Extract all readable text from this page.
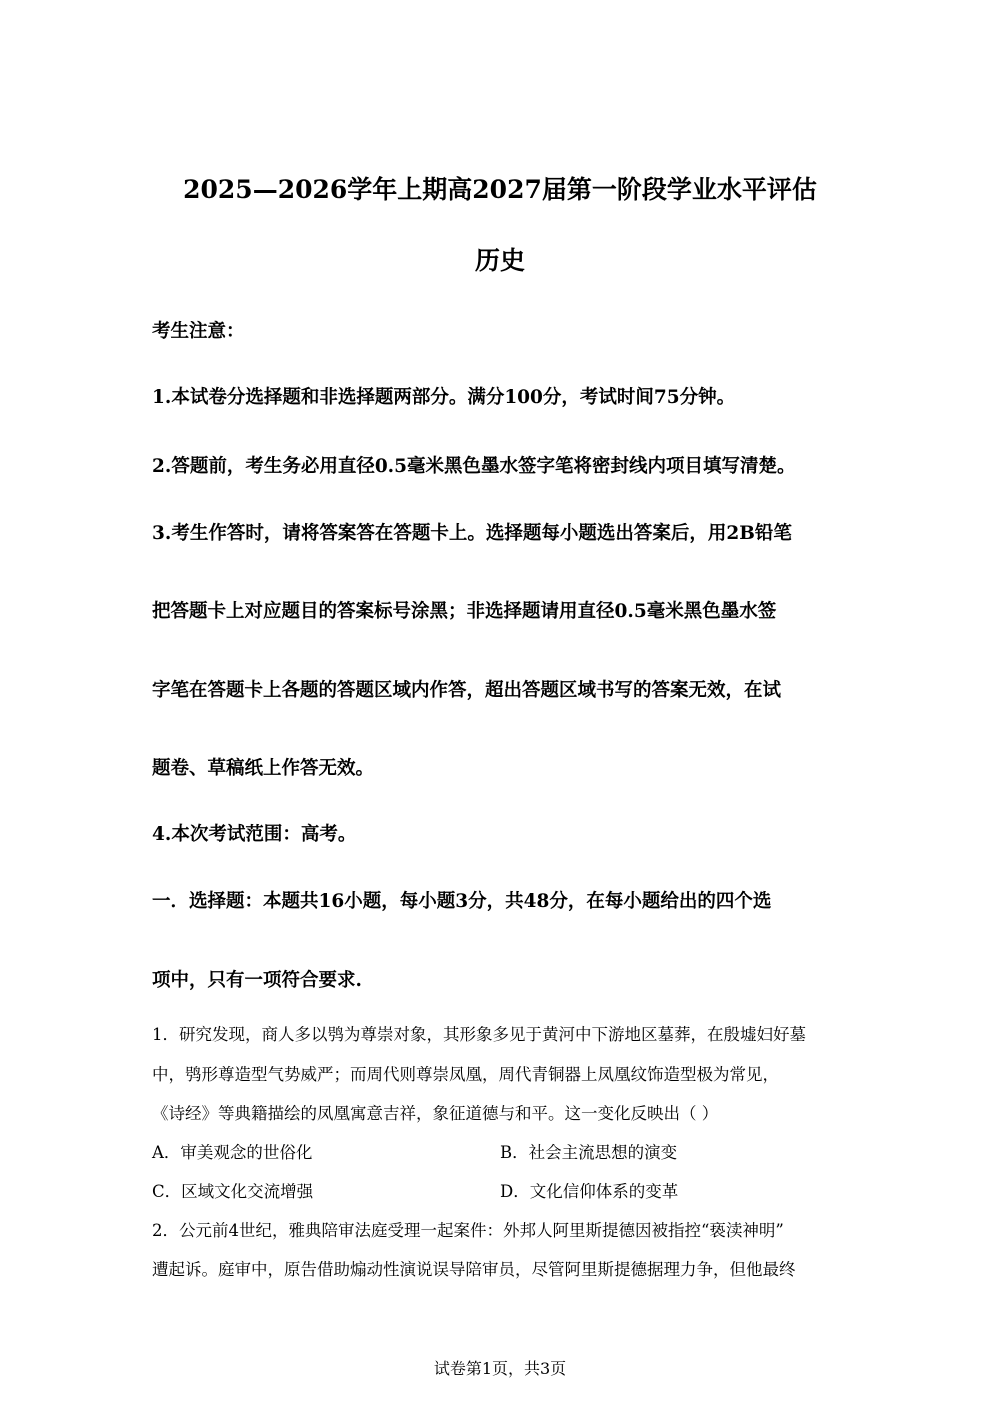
2025—2026学年上期高2027届第一阶段学业水平评估
历史
考生注意：
1.本试卷分选择题和非选择题两部分。满分100分，考试时间75分钟。
2.答题前，考生务必用直径0.5毫米黑色墨水签字笔将密封线内项目填写清楚。
3.考生作答时，请将答案答在答题卡上。选择题每小题选出答案后，用2B铅笔
把答题卡上对应题目的答案标号涂黑；非选择题请用直径0.5毫米黑色墨水签
字笔在答题卡上各题的答题区域内作答，超出答题区域书写的答案无效，在试
题卷、草稿纸上作答无效。
4.本次考试范围：高考。
一．选择题：本题共16小题，每小题3分，共48分，在每小题给出的四个选
项中，只有一项符合要求.
1．研究发现，商人多以鸮为尊崇对象，其形象多见于黄河中下游地区墓葬，在殷墟妇好墓
中，鸮形尊造型气势威严；而周代则尊崇凤凰，周代青铜器上凤凰纹饰造型极为常见，
《诗经》等典籍描绘的凤凰寓意吉祥，象征道德与和平。这一变化反映出（ ）
A．审美观念的世俗化	B．社会主流思想的演变
C．区域文化交流增强	D．文化信仰体系的变革
2．公元前4世纪，雅典陪审法庭受理一起案件：外邦人阿里斯提德因被指控“亵渎神明”
遭起诉。庭审中，原告借助煽动性演说误导陪审员，尽管阿里斯提德据理力争，但他最终
试卷第1页，共3页
